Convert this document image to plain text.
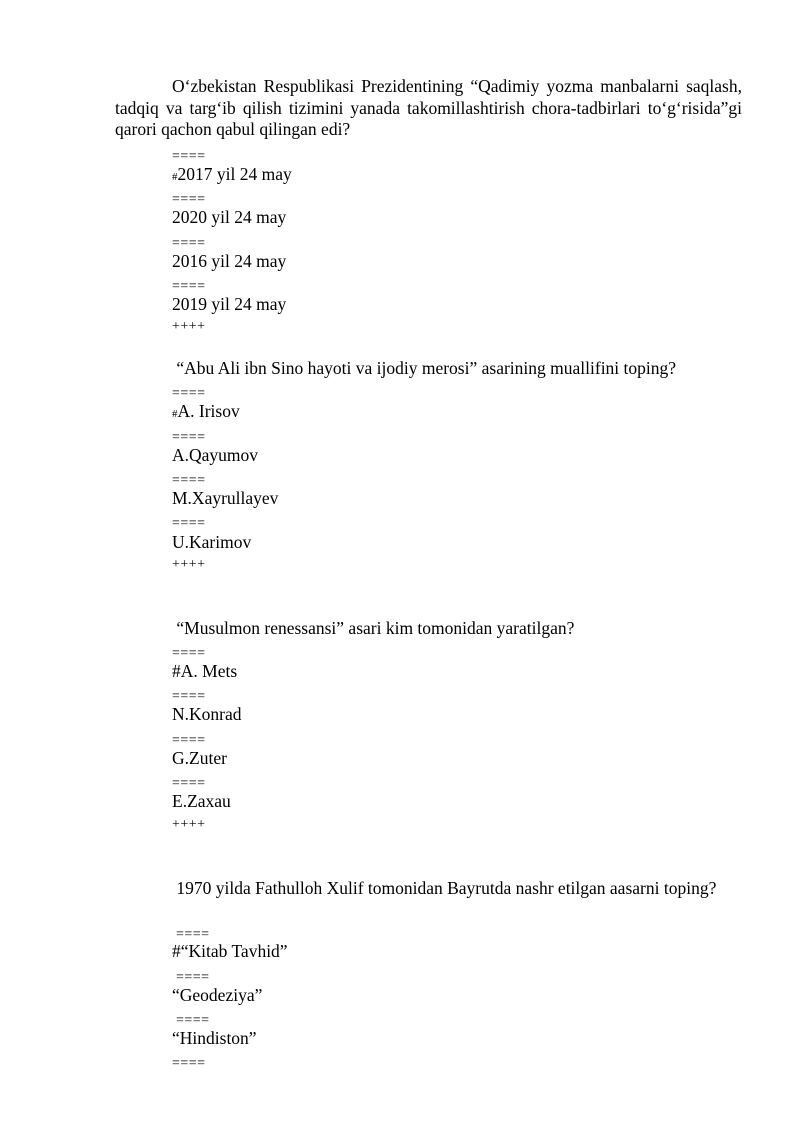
O‘zbekistan Respublikasi Prezidentining “Qadimiy yozma manbalarni saqlash, tadqiq va targ‘ib qilish tizimini yanada takomillashtirish chora-tadbirlari to‘g‘risida”gi qarori qachon qabul qilingan edi?

====
#2017 yil 24 may
====
2020 yil 24 may
====
2016 yil 24 may
====
2019 yil 24 may
++++
“Abu Ali ibn Sino hayoti va ijodiy merosi” asarining muallifini toping?
====
#A. Irisov
====
A.Qayumov
====
M.Xayrullayev
====
U.Karimov
++++
“Musulmon renessansi” asari kim tomonidan yaratilgan?
====
#A. Mets
====
N.Konrad
====
G.Zuter
====
E.Zaxau
++++

1970 yilda Fathulloh Xulif tomonidan Bayrutda nashr etilgan aasarni toping?

====
#“Kitab Tavhid”
====
“Geodeziya”
====
“Hindiston”
====
